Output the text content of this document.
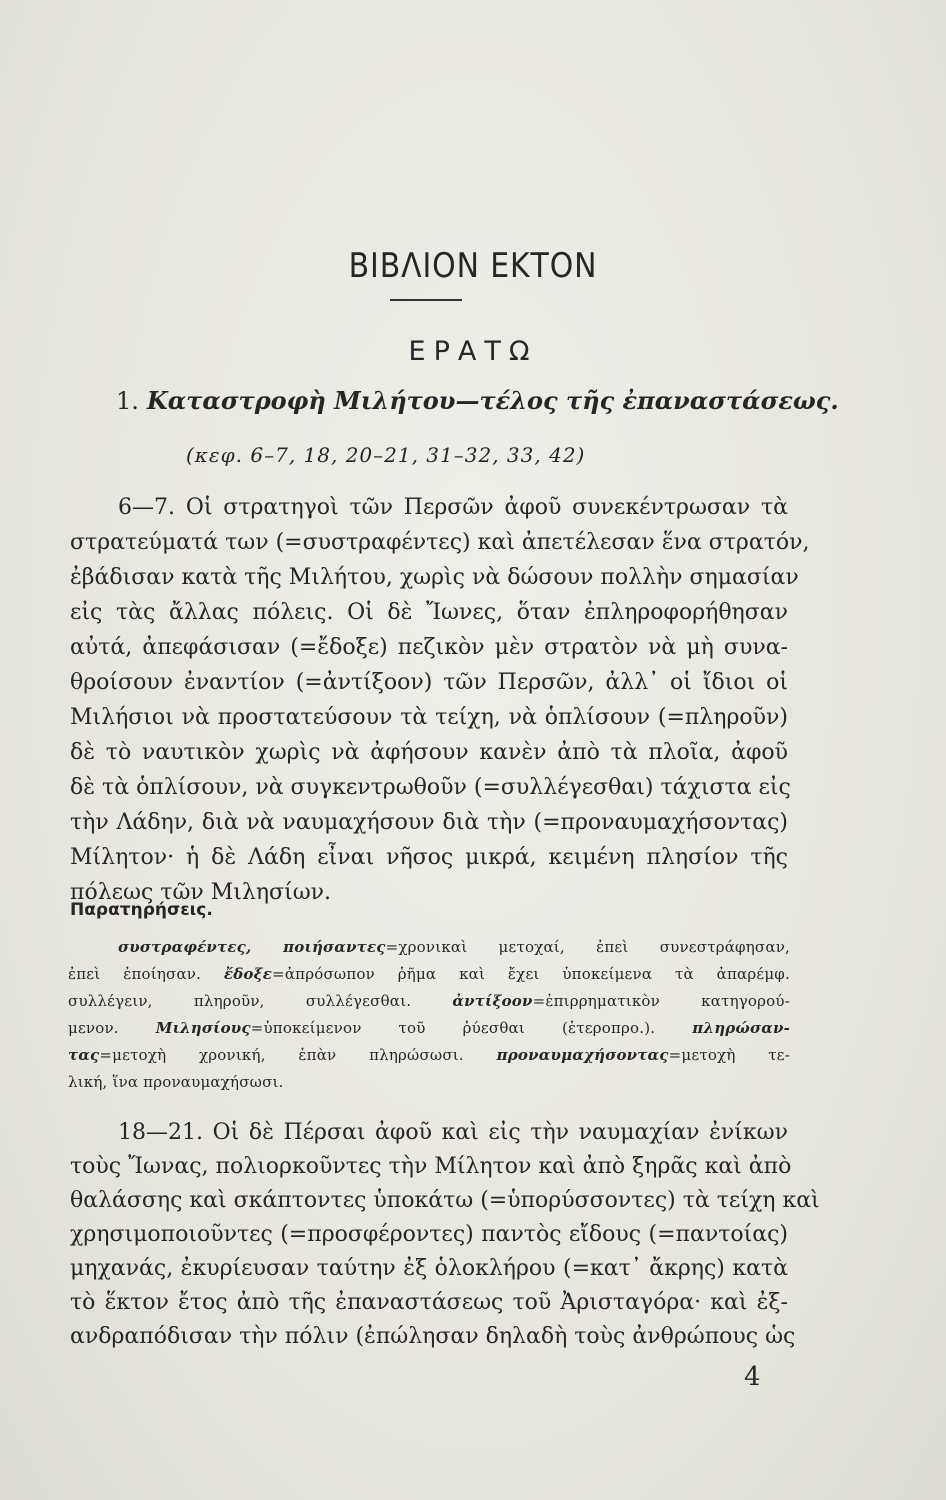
ΒΙΒΛΙΟΝ ΕΚΤΟΝ
ΕΡΑΤΩ
1. Καταστροφὴ Μιλήτου—τέλος τῆς ἐπαναστάσεως.
(κεφ. 6–7, 18, 20–21, 31–32, 33, 42)
6—7. Οἱ στρατηγοὶ τῶν Περσῶν ἀφοῦ συνεκέντρωσαν τὰ
στρατεύματά των (=συστραφέντες) καὶ ἀπετέλεσαν ἕνα στρατόν,
ἐβάδισαν κατὰ τῆς Μιλήτου, χωρὶς νὰ δώσουν πολλὴν σημασίαν
εἰς τὰς ἄλλας πόλεις. Οἱ δὲ Ἴωνες, ὅταν ἐπληροφορήθησαν
αὐτά, ἀπεφάσισαν (=ἔδοξε) πεζικὸν μὲν στρατὸν νὰ μὴ συνα-
θροίσουν ἐναντίον (=ἀντίξοον) τῶν Περσῶν, ἀλλ᾽ οἱ ἴδιοι οἱ
Μιλήσιοι νὰ προστατεύσουν τὰ τείχη, νὰ ὁπλίσουν (=πληροῦν)
δὲ τὸ ναυτικὸν χωρὶς νὰ ἀφήσουν κανὲν ἀπὸ τὰ πλοῖα, ἀφοῦ
δὲ τὰ ὁπλίσουν, νὰ συγκεντρωθοῦν (=συλλέγεσθαι) τάχιστα εἰς
τὴν Λάδην, διὰ νὰ ναυμαχήσουν διὰ τὴν (=προναυμαχήσοντας)
Μίλητον· ἡ δὲ Λάδη εἶναι νῆσος μικρά, κειμένη πλησίον τῆς
πόλεως τῶν Μιλησίων.
Παρατηρήσεις.
συστραφέντες, ποιήσαντες=χρονικαὶ μετοχαί, ἐπεὶ συνεστράφησαν,
ἐπεὶ ἐποίησαν. ἔδοξε=ἀπρόσωπον ῥῆμα καὶ ἔχει ὑποκείμενα τὰ ἀπαρέμφ.
συλλέγειν, πληροῦν, συλλέγεσθαι. ἀντίξοον=ἐπιρρηματικὸν κατηγορού-
μενον. Μιλησίους=ὑποκείμενον τοῦ ῥύεσθαι (ἑτεροπρο.). πληρώσαν-
τας=μετοχὴ χρονική, ἐπὰν πληρώσωσι. προναυμαχήσοντας=μετοχὴ τε-
λική, ἵνα προναυμαχήσωσι.
18—21. Οἱ δὲ Πέρσαι ἀφοῦ καὶ εἰς τὴν ναυμαχίαν ἐνίκων
τοὺς Ἴωνας, πολιορκοῦντες τὴν Μίλητον καὶ ἀπὸ ξηρᾶς καὶ ἀπὸ
θαλάσσης καὶ σκάπτοντες ὑποκάτω (=ὑπορύσσοντες) τὰ τείχη καὶ
χρησιμοποιοῦντες (=προσφέροντες) παντὸς εἴδους (=παντοίας)
μηχανάς, ἐκυρίευσαν ταύτην ἐξ ὁλοκλήρου (=κατ᾽ ἄκρης) κατὰ
τὸ ἕκτον ἔτος ἀπὸ τῆς ἐπαναστάσεως τοῦ Ἀρισταγόρα· καὶ ἐξ-
ανδραπόδισαν τὴν πόλιν (ἐπώλησαν δηλαδὴ τοὺς ἀνθρώπους ὡς
4
